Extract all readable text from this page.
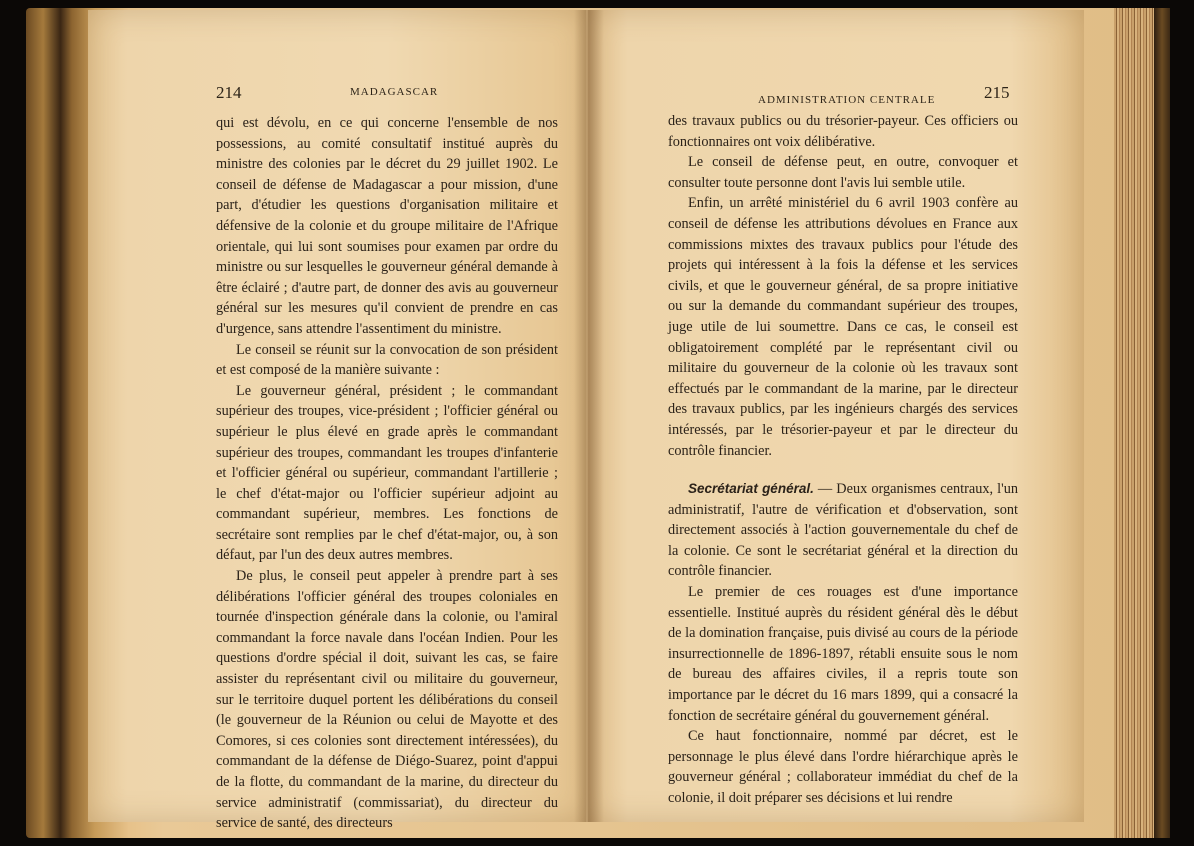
214	MADAGASCAR
ADMINISTRATION CENTRALE	215

qui est dévolu, en ce qui concerne l'ensemble de nos possessions, au comité consultatif institué auprès du ministre des colonies par le décret du 29 juillet 1902. Le conseil de défense de Madagascar a pour mission, d'une part, d'étudier les questions d'organisation militaire et défensive de la colonie et du groupe militaire de l'Afrique orientale, qui lui sont soumises pour examen par ordre du ministre ou sur lesquelles le gouverneur général demande à être éclairé ; d'autre part, de donner des avis au gouverneur général sur les mesures qu'il convient de prendre en cas d'urgence, sans attendre l'assentiment du ministre.

Le conseil se réunit sur la convocation de son président et est composé de la manière suivante :

Le gouverneur général, président ; le commandant supérieur des troupes, vice-président ; l'officier général ou supérieur le plus élevé en grade après le commandant supérieur des troupes, commandant les troupes d'infanterie et l'officier général ou supérieur, commandant l'artillerie ; le chef d'état-major ou l'officier supérieur adjoint au commandant supérieur, membres. Les fonctions de secrétaire sont remplies par le chef d'état-major, ou, à son défaut, par l'un des deux autres membres.

De plus, le conseil peut appeler à prendre part à ses délibérations l'officier général des troupes coloniales en tournée d'inspection générale dans la colonie, ou l'amiral commandant la force navale dans l'océan Indien. Pour les questions d'ordre spécial il doit, suivant les cas, se faire assister du représentant civil ou militaire du gouverneur, sur le territoire duquel portent les délibérations du conseil (le gouverneur de la Réunion ou celui de Mayotte et des Comores, si ces colonies sont directement intéressées), du commandant de la défense de Diégo-Suarez, point d'appui de la flotte, du commandant de la marine, du directeur du service administratif (commissariat), du directeur du service de santé, des directeurs

des travaux publics ou du trésorier-payeur. Ces officiers ou fonctionnaires ont voix délibérative.

Le conseil de défense peut, en outre, convoquer et consulter toute personne dont l'avis lui semble utile.

Enfin, un arrêté ministériel du 6 avril 1903 confère au conseil de défense les attributions dévolues en France aux commissions mixtes des travaux publics pour l'étude des projets qui intéressent à la fois la défense et les services civils, et que le gouverneur général, de sa propre initiative ou sur la demande du commandant supérieur des troupes, juge utile de lui soumettre. Dans ce cas, le conseil est obligatoirement complété par le représentant civil ou militaire du gouverneur de la colonie où les travaux sont effectués par le commandant de la marine, par le directeur des travaux publics, par les ingénieurs chargés des services intéressés, par le trésorier-payeur et par le directeur du contrôle financier.

Secrétariat général. — Deux organismes centraux, l'un administratif, l'autre de vérification et d'observation, sont directement associés à l'action gouvernementale du chef de la colonie. Ce sont le secrétariat général et la direction du contrôle financier.

Le premier de ces rouages est d'une importance essentielle. Institué auprès du résident général dès le début de la domination française, puis divisé au cours de la période insurrectionnelle de 1896-1897, rétabli ensuite sous le nom de bureau des affaires civiles, il a repris toute son importance par le décret du 16 mars 1899, qui a consacré la fonction de secrétaire général du gouvernement général.

Ce haut fonctionnaire, nommé par décret, est le personnage le plus élevé dans l'ordre hiérarchique après le gouverneur général ; collaborateur immédiat du chef de la colonie, il doit préparer ses décisions et lui rendre
